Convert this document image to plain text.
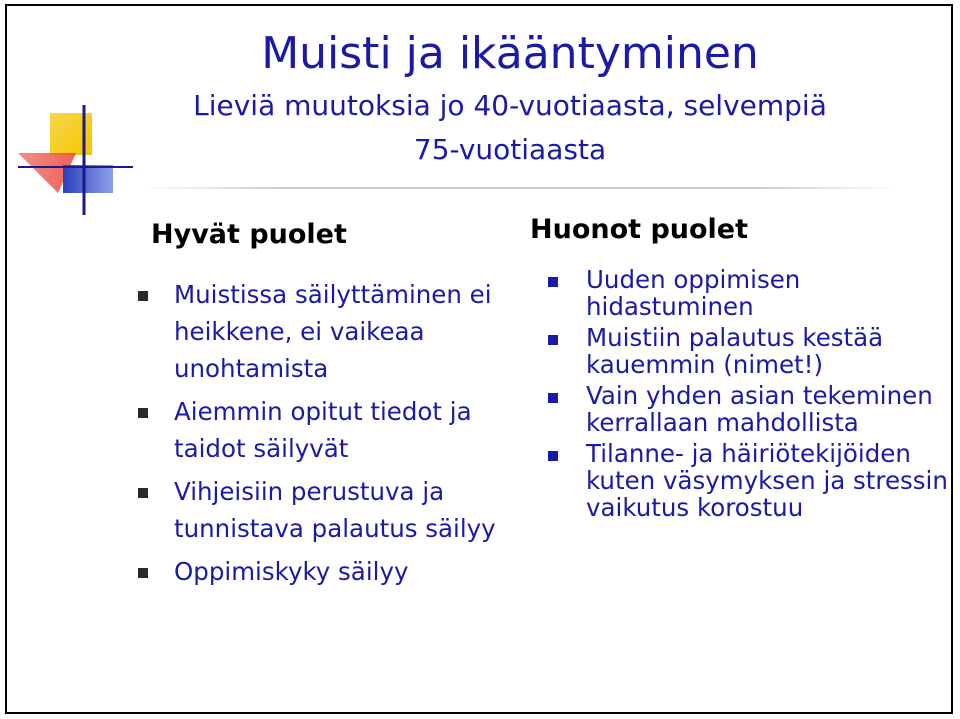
Muisti ja ikääntyminen
Lieviä muutoksia jo 40-vuotiaasta, selvempiä
75-vuotiaasta
Hyvät puolet
Muistissa säilyttäminen ei heikkene, ei vaikeaa unohtamista
Aiemmin opitut tiedot ja taidot säilyvät
Vihjeisiin perustuva ja tunnistava palautus säilyy
Oppimiskyky säilyy
Huonot puolet
Uuden oppimisen hidastuminen
Muistiin palautus kestää kauemmin (nimet!)
Vain yhden asian tekeminen kerrallaan mahdollista
Tilanne- ja häiriötekijöiden kuten väsymyksen ja stressin vaikutus korostuu
